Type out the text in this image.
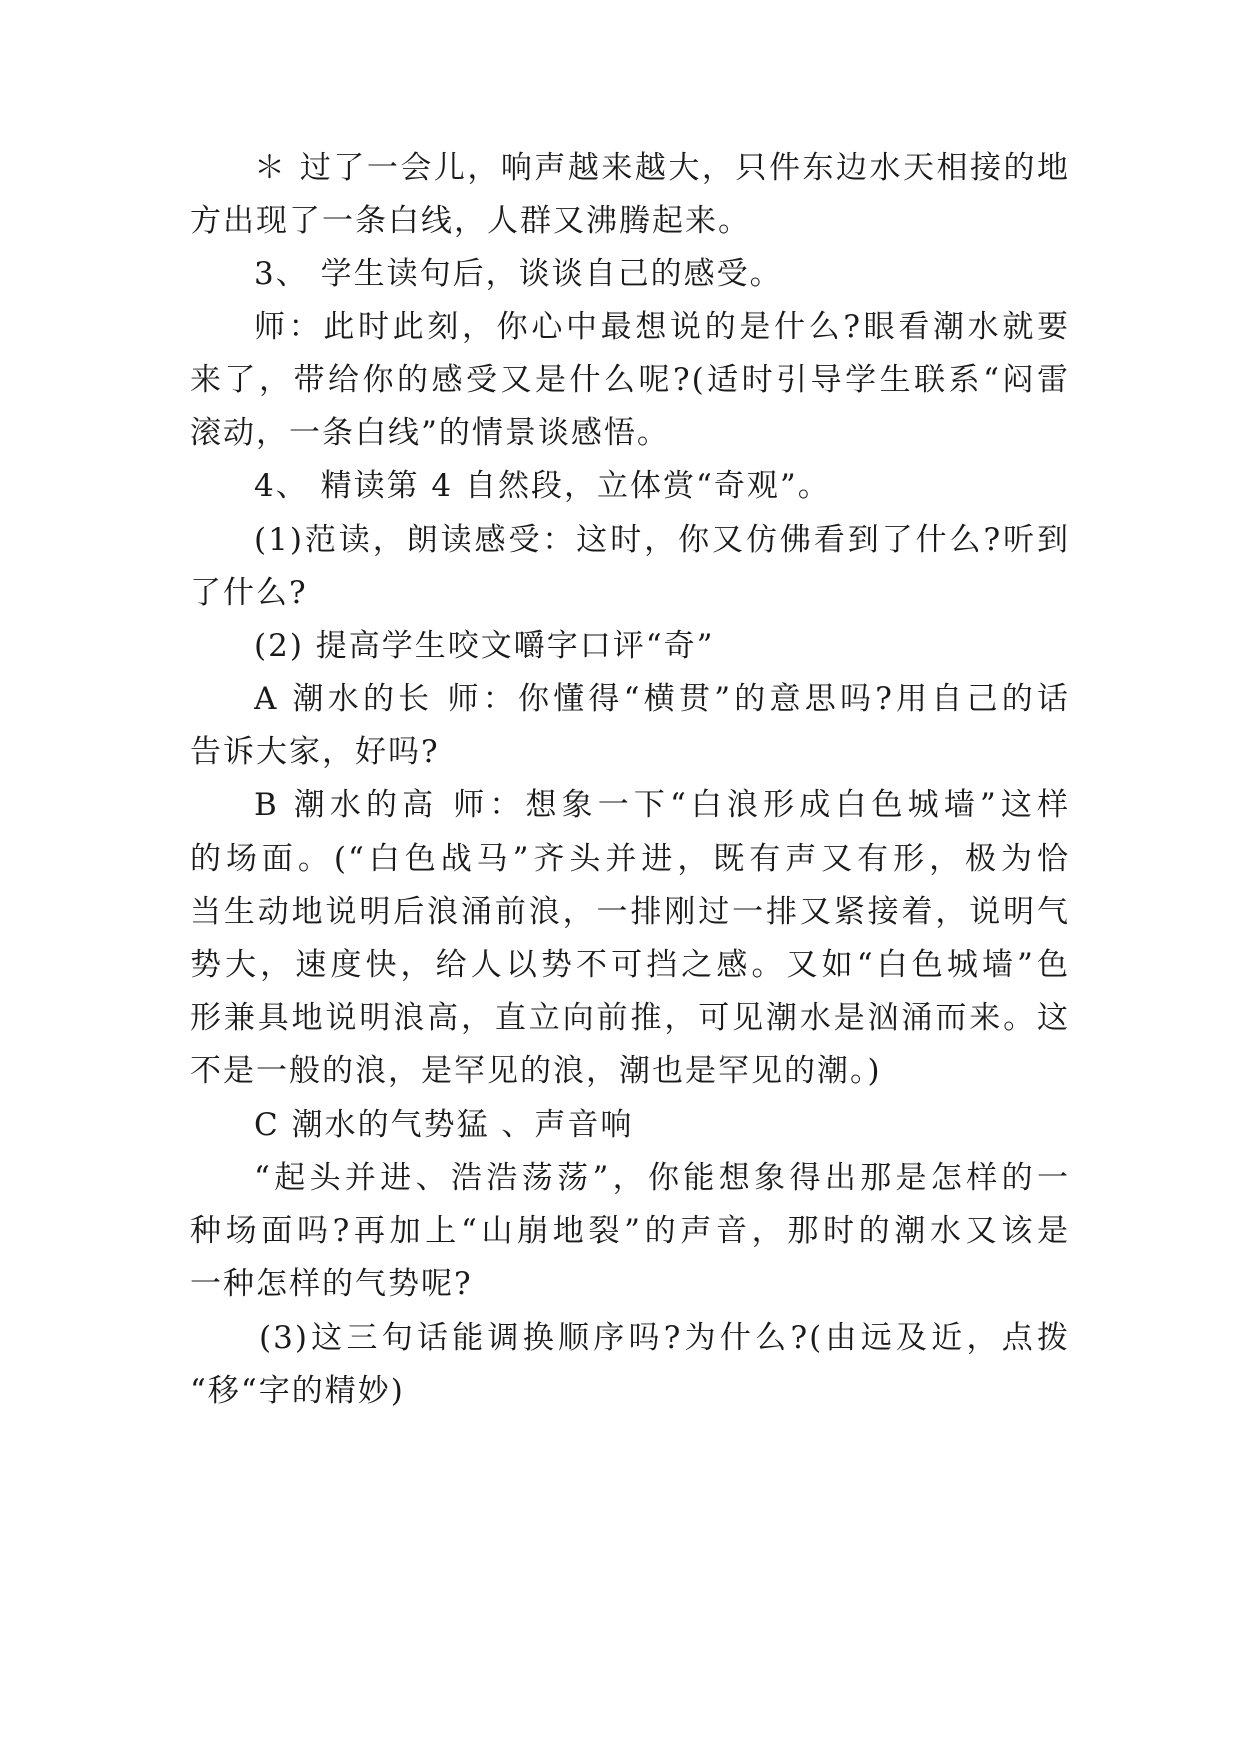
＊ 过了一会儿，响声越来越大，只件东边水天相接的地
方出现了一条白线，人群又沸腾起来。
3、 学生读句后，谈谈自己的感受。
师：此时此刻，你心中最想说的是什么?眼看潮水就要
来了，带给你的感受又是什么呢?(适时引导学生联系“闷雷
滚动，一条白线”的情景谈感悟。
4、 精读第 4 自然段，立体赏“奇观”。
(1)范读，朗读感受：这时，你又仿佛看到了什么?听到
了什么?
(2) 提高学生咬文嚼字口评“奇”
A 潮水的长 师：你懂得“横贯”的意思吗?用自己的话
告诉大家，好吗?
B 潮水的高 师：想象一下“白浪形成白色城墙”这样
的场面。(“白色战马”齐头并进，既有声又有形，极为恰
当生动地说明后浪涌前浪，一排刚过一排又紧接着，说明气
势大，速度快，给人以势不可挡之感。又如“白色城墙”色
形兼具地说明浪高，直立向前推，可见潮水是汹涌而来。这
不是一般的浪，是罕见的浪，潮也是罕见的潮。)
C 潮水的气势猛 、声音响
“起头并进、浩浩荡荡”，你能想象得出那是怎样的一
种场面吗?再加上“山崩地裂”的声音，那时的潮水又该是
一种怎样的气势呢?
(3)这三句话能调换顺序吗?为什么?(由远及近，点拨
“移“字的精妙)
